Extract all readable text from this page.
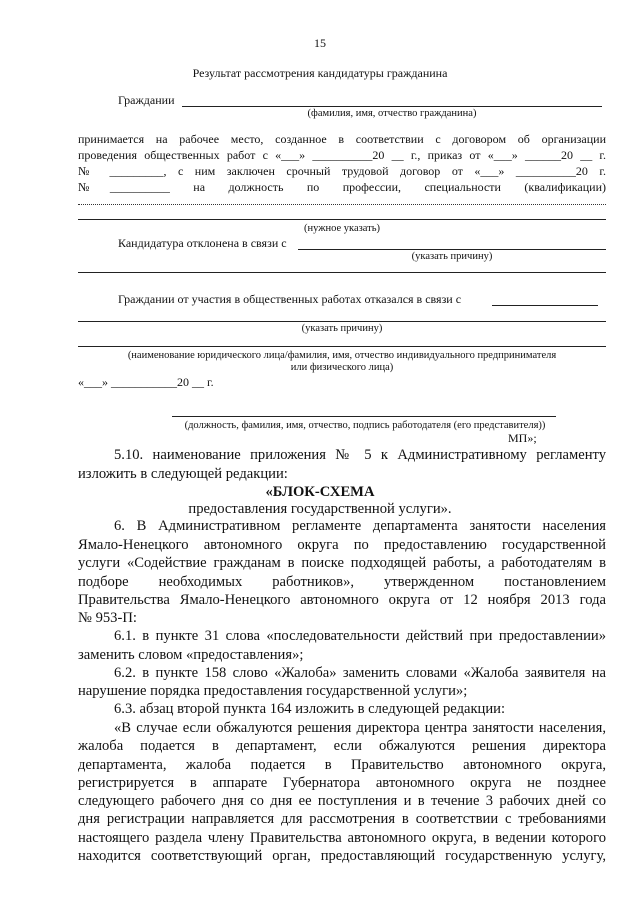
15
Результат рассмотрения кандидатуры гражданина
Граждании
(фамилия, имя, отчество гражданина)
принимается на рабочее место, созданное в соответствии с договором об организации
проведения общественных работ с «___» __________20 __ г., приказ от «___» ______20 __ г.
№ _________, с ним заключен срочный трудовой договор от «___» __________20 г.
№__________ на должность по профессии, специальности (квалификации)
(нужное указать)
Кандидатура отклонена в связи с
(указать причину)
Граждании от участия в общественных работах отказался в связи с
(указать причину)
(наименование юридического лица/фамилия, имя, отчество индивидуального предпринимателя
или физического лица)
«___» ___________20 __ г.
(должность, фамилия, имя, отчество, подпись работодателя (его представителя))
МП»;
5.10. наименование приложения № 5 к Административному регламенту
изложить в следующей редакции:
«БЛОК-СХЕМА
предоставления государственной услуги».
6. В Административном регламенте департамента занятости населения
Ямало-Ненецкого автономного округа по предоставлению государственной
услуги «Содействие гражданам в поиске подходящей работы, а работодателям в
подборе необходимых работников», утвержденном постановлением
Правительства Ямало-Ненецкого автономного округа от 12 ноября 2013 года
№ 953-П:
6.1. в пункте 31 слова «последовательности действий при предоставлении»
заменить словом «предоставления»;
6.2. в пункте 158 слово «Жалоба» заменить словами «Жалоба заявителя на
нарушение порядка предоставления государственной услуги»;
6.3. абзац второй пункта 164 изложить в следующей редакции:
«В случае если обжалуются решения директора центра занятости населения,
жалоба подается в департамент, если обжалуются решения директора
департамента, жалоба подается в Правительство автономного округа,
регистрируется в аппарате Губернатора автономного округа не позднее
следующего рабочего дня со дня ее поступления и в течение 3 рабочих дней со
дня регистрации направляется для рассмотрения в соответствии с требованиями
настоящего раздела члену Правительства автономного округа, в ведении которого
находится соответствующий орган, предоставляющий государственную услугу,
